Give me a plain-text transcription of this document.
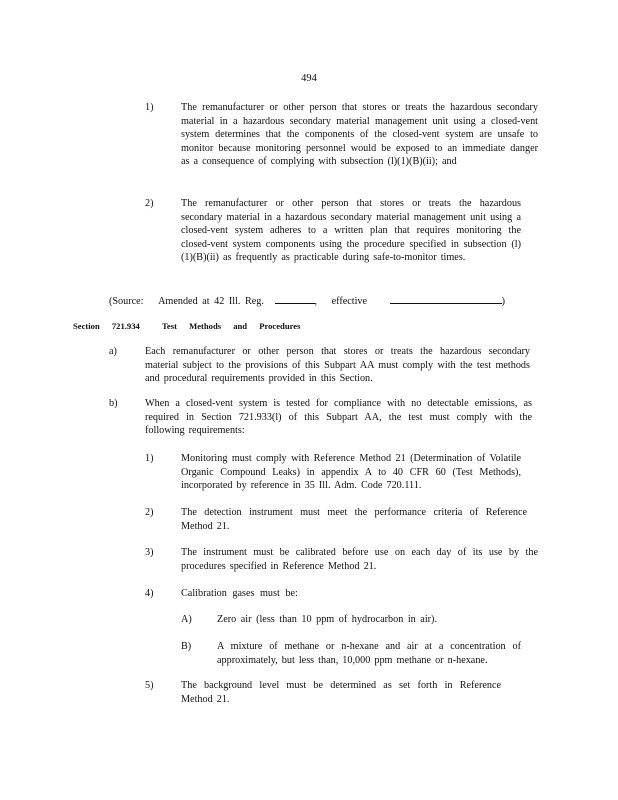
494
1)	The remanufacturer or other person that stores or treats the hazardous secondary material in a hazardous secondary material management unit using a closed-vent system determines that the components of the closed-vent system are unsafe to monitor because monitoring personnel would be exposed to an immediate danger as a consequence of complying with subsection (l)(1)(B)(ii); and
2)	The remanufacturer or other person that stores or treats the hazardous secondary material in a hazardous secondary material management unit using a closed-vent system adheres to a written plan that requires monitoring the closed-vent system components using the procedure specified in subsection (l)(1)(B)(ii) as frequently as practicable during safe-to-monitor times.
(Source: Amended at 42 Ill. Reg.	, effective	)
Section 721.934	Test Methods and Procedures
a)	Each remanufacturer or other person that stores or treats the hazardous secondary material subject to the provisions of this Subpart AA must comply with the test methods and procedural requirements provided in this Section.
b)	When a closed-vent system is tested for compliance with no detectable emissions, as required in Section 721.933(l) of this Subpart AA, the test must comply with the following requirements:
1)	Monitoring must comply with Reference Method 21 (Determination of Volatile Organic Compound Leaks) in appendix A to 40 CFR 60 (Test Methods), incorporated by reference in 35 Ill. Adm. Code 720.111.
2)	The detection instrument must meet the performance criteria of Reference Method 21.
3)	The instrument must be calibrated before use on each day of its use by the procedures specified in Reference Method 21.
4)	Calibration gases must be:
A)	Zero air (less than 10 ppm of hydrocarbon in air).
B)	A mixture of methane or n-hexane and air at a concentration of approximately, but less than, 10,000 ppm methane or n-hexane.
5)	The background level must be determined as set forth in Reference Method 21.
